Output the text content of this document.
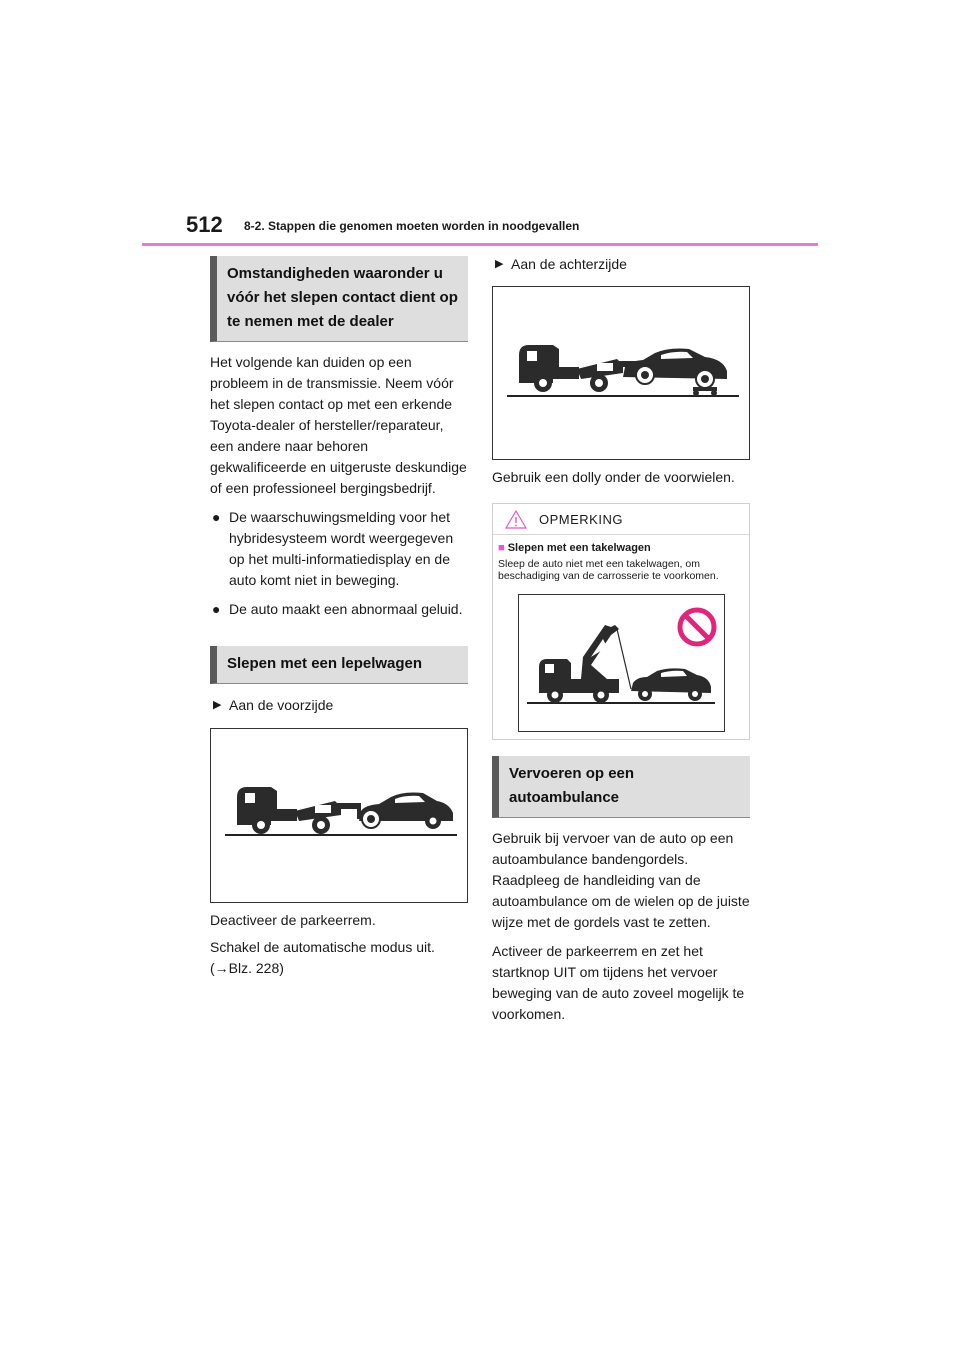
512 8-2. Stappen die genomen moeten worden in noodgevallen
Omstandigheden waaronder u vóór het slepen contact dient op te nemen met de dealer

Het volgende kan duiden op een probleem in de transmissie. Neem vóór het slepen contact op met een erkende Toyota-dealer of hersteller/reparateur, een andere naar behoren gekwalificeerde en uitgeruste deskundige of een professioneel bergingsbedrijf.

● De waarschuwingsmelding voor het hybridesysteem wordt weergegeven op het multi-informatiedisplay en de auto komt niet in beweging.
● De auto maakt een abnormaal geluid.
Slepen met een lepelwagen
▶ Aan de voorzijde

Deactiveer de parkeerrem.

Schakel de automatische modus uit.

(→Blz. 228)

▶ Aan de achterzijde

Gebruik een dolly onder de voorwielen.

OPMERKING
■ Slepen met een takelwagen
Sleep de auto niet met een takelwagen, om beschadiging van de carrosserie te voorkomen.
Vervoeren op een autoambulance

Gebruik bij vervoer van de auto op een autoambulance bandengordels. Raadpleeg de handleiding van de autoambulance om de wielen op de juiste wijze met de gordels vast te zetten.

Activeer de parkeerrem en zet het startknop UIT om tijdens het vervoer beweging van de auto zoveel mogelijk te voorkomen.
